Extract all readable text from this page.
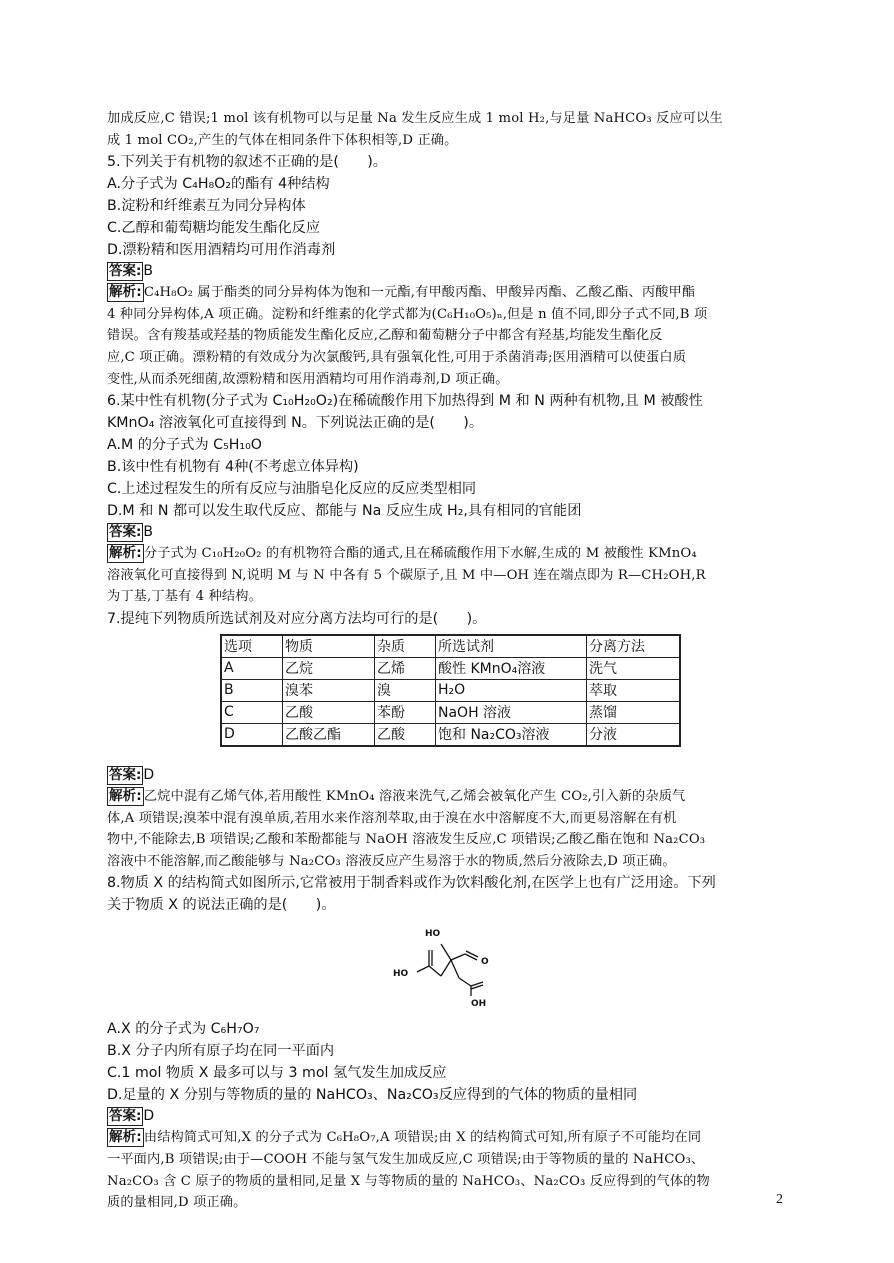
加成反应,C 错误;1 mol 该有机物可以与足量 Na 发生反应生成 1 mol H₂,与足量 NaHCO₃ 反应可以生
成 1 mol CO₂,产生的气体在相同条件下体积相等,D 正确。
5.下列关于有机物的叙述不正确的是(　　)。
A.分子式为 C₄H₈O₂的酯有 4种结构
B.淀粉和纤维素互为同分异构体
C.乙醇和葡萄糖均能发生酯化反应
D.漂粉精和医用酒精均可用作消毒剂
答案: B
解析: C₄H₈O₂ 属于酯类的同分异构体为饱和一元酯,有甲酸丙酯、甲酸异丙酯、乙酸乙酯、丙酸甲酯
4 种同分异构体,A 项正确。淀粉和纤维素的化学式都为(C₆H₁₀O₅)ₙ,但是 n 值不同,即分子式不同,B 项
错误。含有羧基或羟基的物质能发生酯化反应,乙醇和葡萄糖分子中都含有羟基,均能发生酯化反
应,C 项正确。漂粉精的有效成分为次氯酸钙,具有强氧化性,可用于杀菌消毒;医用酒精可以使蛋白质
变性,从而杀死细菌,故漂粉精和医用酒精均可用作消毒剂,D 项正确。
6.某中性有机物(分子式为 C₁₀H₂₀O₂)在稀硫酸作用下加热得到 M 和 N 两种有机物,且 M 被酸性
KMnO₄ 溶液氧化可直接得到 N。下列说法正确的是(　　)。
A.M 的分子式为 C₅H₁₀O
B.该中性有机物有 4种(不考虑立体异构)
C.上述过程发生的所有反应与油脂皂化反应的反应类型相同
D.M 和 N 都可以发生取代反应、都能与 Na 反应生成 H₂,具有相同的官能团
答案: B
解析: 分子式为 C₁₀H₂₀O₂ 的有机物符合酯的通式,且在稀硫酸作用下水解,生成的 M 被酸性 KMnO₄
溶液氧化可直接得到 N,说明 M 与 N 中各有 5 个碳原子,且 M 中—OH 连在端点即为 R—CH₂OH,R
为丁基,丁基有 4 种结构。
7.提纯下列物质所选试剂及对应分离方法均可行的是(　　)。
选项	物质	杂质	所选试剂	分离方法
A	乙烷	乙烯	酸性 KMnO₄溶液	洗气
B	溴苯	溴	H₂O	萃取
C	乙酸	苯酚	NaOH 溶液	蒸馏
D	乙酸乙酯	乙酸	饱和 Na₂CO₃溶液	分液
答案: D
解析: 乙烷中混有乙烯气体,若用酸性 KMnO₄ 溶液来洗气,乙烯会被氧化产生 CO₂,引入新的杂质气
体,A 项错误;溴苯中混有溴单质,若用水来作溶剂萃取,由于溴在水中溶解度不大,而更易溶解在有机
物中,不能除去,B 项错误;乙酸和苯酚都能与 NaOH 溶液发生反应,C 项错误;乙酸乙酯在饱和 Na₂CO₃
溶液中不能溶解,而乙酸能够与 Na₂CO₃ 溶液反应产生易溶于水的物质,然后分液除去,D 项正确。
8.物质 X 的结构简式如图所示,它常被用于制香料或作为饮料酸化剂,在医学上也有广泛用途。下列
关于物质 X 的说法正确的是(　　)。
HO
HO
OH
O
A.X 的分子式为 C₆H₇O₇
B.X 分子内所有原子均在同一平面内
C.1 mol 物质 X 最多可以与 3 mol 氢气发生加成反应
D.足量的 X 分别与等物质的量的 NaHCO₃、Na₂CO₃反应得到的气体的物质的量相同
答案: D
解析: 由结构简式可知,X 的分子式为 C₆H₈O₇,A 项错误;由 X 的结构简式可知,所有原子不可能均在同
一平面内,B 项错误;由于—COOH 不能与氢气发生加成反应,C 项错误;由于等物质的量的 NaHCO₃、
Na₂CO₃ 含 C 原子的物质的量相同,足量 X 与等物质的量的 NaHCO₃、Na₂CO₃ 反应得到的气体的物
质的量相同,D 项正确。	2
